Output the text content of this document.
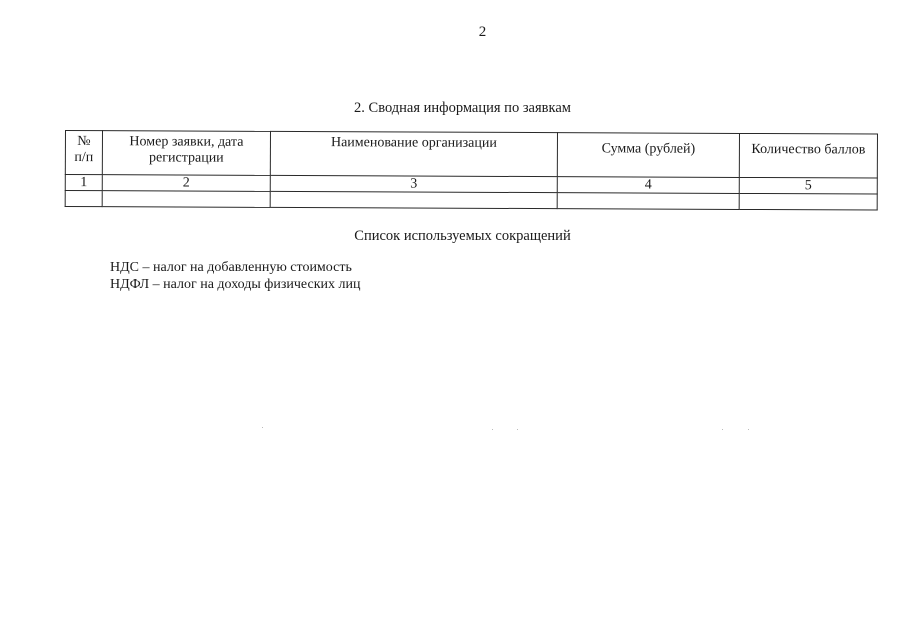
2
2. Сводная информация по заявкам
№ п/п	Номер заявки, дата регистрации	Наименование организации	Сумма (рублей)	Количество баллов
1	2	3	4	5

Список используемых сокращений
НДС – налог на добавленную стоимость
НДФЛ – налог на доходы физических лиц
